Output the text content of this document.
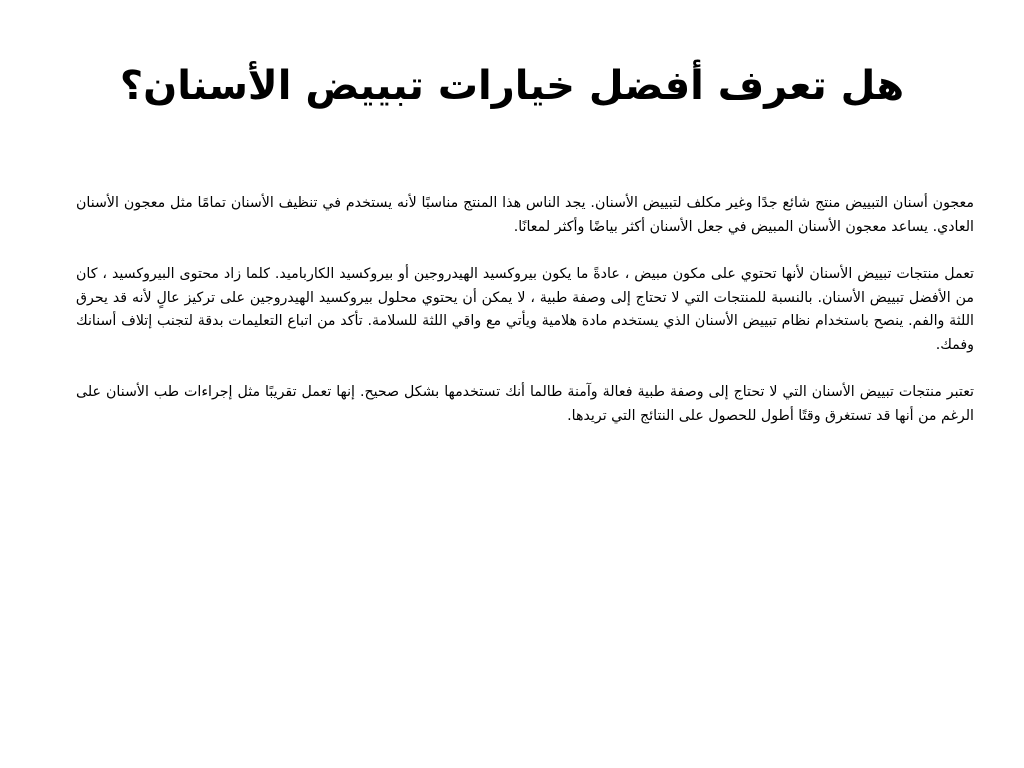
هل تعرف أفضل خيارات تبييض الأسنان؟

معجون أسنان التبييض منتج شائع جدًا وغير مكلف لتبييض الأسنان. يجد الناس هذا المنتج مناسبًا لأنه يستخدم في تنظيف الأسنان تمامًا مثل معجون الأسنان العادي. يساعد معجون الأسنان المبيض في جعل الأسنان أكثر بياضًا وأكثر لمعانًا.

تعمل منتجات تبييض الأسنان لأنها تحتوي على مكون مبيض ، عادةً ما يكون بيروكسيد الهيدروجين أو بيروكسيد الكارباميد. كلما زاد محتوى البيروكسيد ، كان من الأفضل تبييض الأسنان. بالنسبة للمنتجات التي لا تحتاج إلى وصفة طبية ، لا يمكن أن يحتوي محلول بيروكسيد الهيدروجين على تركيز عالٍ لأنه قد يحرق اللثة والفم. ينصح باستخدام نظام تبييض الأسنان الذي يستخدم مادة هلامية ويأتي مع واقي اللثة للسلامة. تأكد من اتباع التعليمات بدقة لتجنب إتلاف أسنانك وفمك.

تعتبر منتجات تبييض الأسنان التي لا تحتاج إلى وصفة طبية فعالة وآمنة طالما أنك تستخدمها بشكل صحيح. إنها تعمل تقريبًا مثل إجراءات طب الأسنان على الرغم من أنها قد تستغرق وقتًا أطول للحصول على النتائج التي تريدها.
